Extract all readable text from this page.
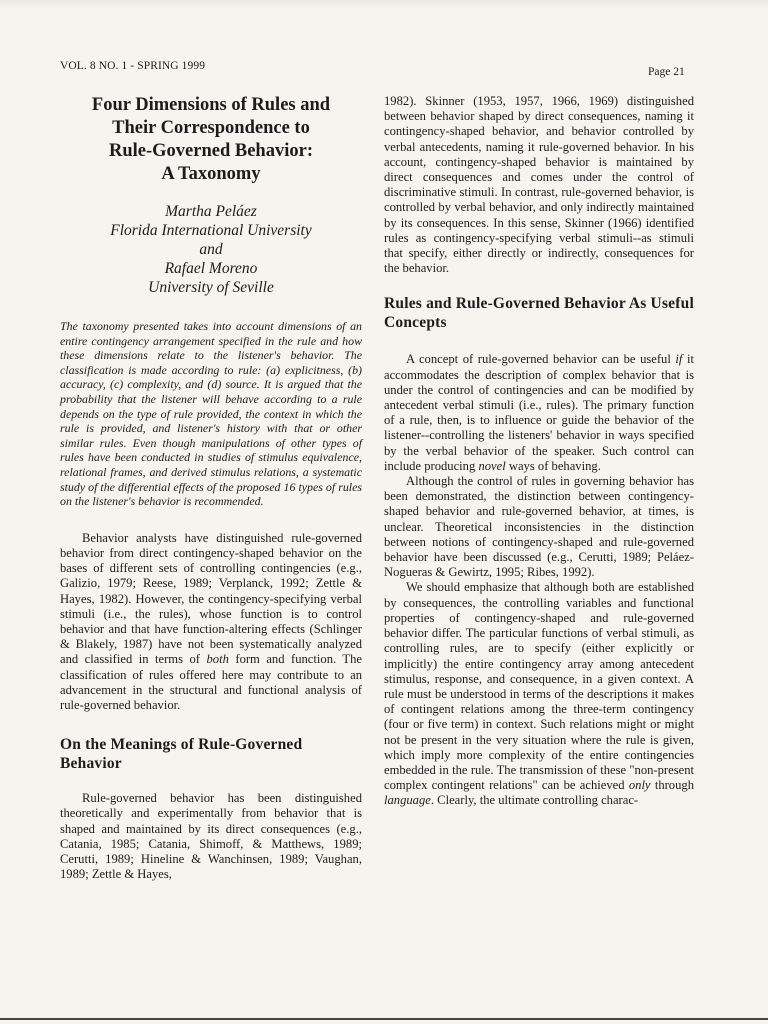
VOL. 8 NO. 1 - SPRING 1999	Page 21
Four Dimensions of Rules and
Their Correspondence to
Rule-Governed Behavior:
A Taxonomy
Martha Peláez
Florida International University
and
Rafael Moreno
University of Seville

The taxonomy presented takes into account dimensions of an entire contingency arrangement specified in the rule and how these dimensions relate to the listener's behavior. The classification is made according to rule: (a) explicitness, (b) accuracy, (c) complexity, and (d) source. It is argued that the probability that the listener will behave according to a rule depends on the type of rule provided, the context in which the rule is provided, and listener's history with that or other similar rules. Even though manipulations of other types of rules have been conducted in studies of stimulus equivalence, relational frames, and derived stimulus relations, a systematic study of the differential effects of the proposed 16 types of rules on the listener's behavior is recommended.

Behavior analysts have distinguished rule-governed behavior from direct contingency-shaped behavior on the bases of different sets of controlling contingencies (e.g., Galizio, 1979; Reese, 1989; Verplanck, 1992; Zettle & Hayes, 1982). However, the contingency-specifying verbal stimuli (i.e., the rules), whose function is to control behavior and that have function-altering effects (Schlinger & Blakely, 1987) have not been systematically analyzed and classified in terms of both form and function. The classification of rules offered here may contribute to an advancement in the structural and functional analysis of rule-governed behavior.

On the Meanings of Rule-Governed Behavior

Rule-governed behavior has been distinguished theoretically and experimentally from behavior that is shaped and maintained by its direct consequences (e.g., Catania, 1985; Catania, Shimoff, & Matthews, 1989; Cerutti, 1989; Hineline & Wanchinsen, 1989; Vaughan, 1989; Zettle & Hayes,

1982). Skinner (1953, 1957, 1966, 1969) distinguished between behavior shaped by direct consequences, naming it contingency-shaped behavior, and behavior controlled by verbal antecedents, naming it rule-governed behavior. In his account, contingency-shaped behavior is maintained by direct consequences and comes under the control of discriminative stimuli. In contrast, rule-governed behavior, is controlled by verbal behavior, and only indirectly maintained by its consequences. In this sense, Skinner (1966) identified rules as contingency-specifying verbal stimuli--as stimuli that specify, either directly or indirectly, consequences for the behavior.

Rules and Rule-Governed Behavior As Useful Concepts

A concept of rule-governed behavior can be useful if it accommodates the description of complex behavior that is under the control of contingencies and can be modified by antecedent verbal stimuli (i.e., rules). The primary function of a rule, then, is to influence or guide the behavior of the listener--controlling the listeners' behavior in ways specified by the verbal behavior of the speaker. Such control can include producing novel ways of behaving.

Although the control of rules in governing behavior has been demonstrated, the distinction between contingency-shaped behavior and rule-governed behavior, at times, is unclear. Theoretical inconsistencies in the distinction between notions of contingency-shaped and rule-governed behavior have been discussed (e.g., Cerutti, 1989; Peláez-Nogueras & Gewirtz, 1995; Ribes, 1992).

We should emphasize that although both are established by consequences, the controlling variables and functional properties of contingency-shaped and rule-governed behavior differ. The particular functions of verbal stimuli, as controlling rules, are to specify (either explicitly or implicitly) the entire contingency array among antecedent stimulus, response, and consequence, in a given context. A rule must be understood in terms of the descriptions it makes of contingent relations among the three-term contingency (four or five term) in context. Such relations might or might not be present in the very situation where the rule is given, which imply more complexity of the entire contingencies embedded in the rule. The transmission of these "non-present complex contingent relations" can be achieved only through language. Clearly, the ultimate controlling charac-
